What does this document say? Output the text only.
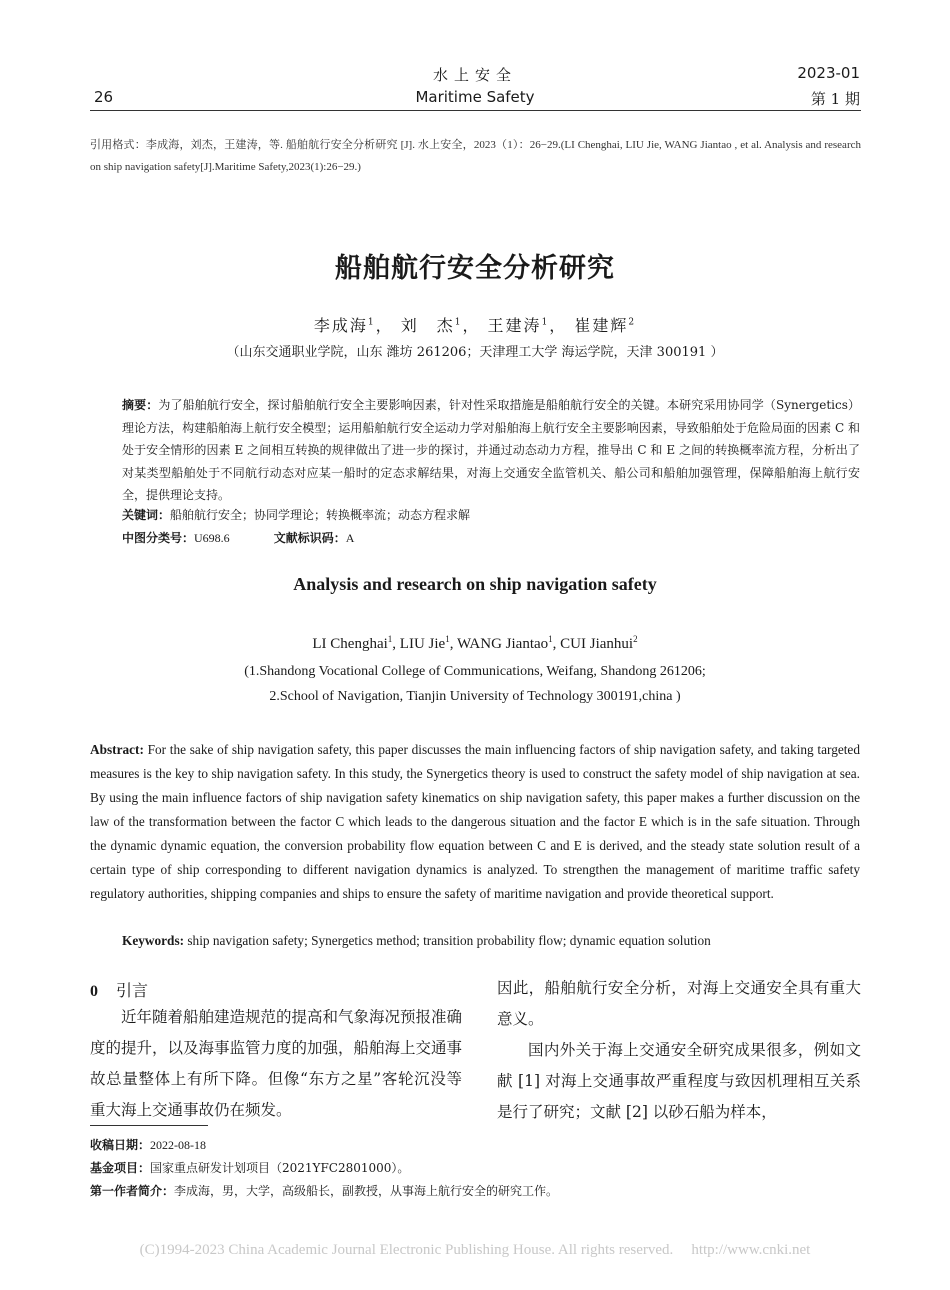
水上安全
Maritime Safety
26
2023-01
第 1 期
引用格式：李成海，刘杰，王建涛，等. 船舶航行安全分析研究 [J]. 水上安全，2023（1）：26−29.(LI Chenghai, LIU Jie, WANG Jiantao , et al. Analysis and research on ship navigation safety[J].Maritime Safety,2023(1):26−29.)
船舶航行安全分析研究
李成海$^1$， 刘　杰$^1$， 王建涛$^1$， 崔建辉$^2$
（山东交通职业学院，山东 潍坊 261206；天津理工大学 海运学院，天津 300191 ）
摘要：为了船舶航行安全，探讨船舶航行安全主要影响因素，针对性采取措施是船舶航行安全的关键。本研究采用协同学（Synergetics）理论方法，构建船舶海上航行安全模型；运用船舶航行安全运动力学对船舶海上航行安全主要影响因素，导致船舶处于危险局面的因素 C 和处于安全情形的因素 E 之间相互转换的规律做出了进一步的探讨，并通过动态动力方程，推导出 C 和 E 之间的转换概率流方程，分析出了对某类型船舶处于不同航行动态对应某一船时的定态求解结果，对海上交通安全监管机关、船公司和船舶加强管理，保障船舶海上航行安全，提供理论支持。
关键词：船舶航行安全；协同学理论；转换概率流；动态方程求解
中图分类号：U698.6	文献标识码：A
Analysis and research on ship navigation safety
LI Chenghai$^1$, LIU Jie$^1$, WANG Jiantao$^1$, CUI Jianhui$^2$
(1.Shandong Vocational College of Communications, Weifang, Shandong 261206;
2.School of Navigation, Tianjin University of Technology 300191,china )
Abstract: For the sake of ship navigation safety, this paper discusses the main influencing factors of ship navigation safety, and taking targeted measures is the key to ship navigation safety. In this study, the Synergetics theory is used to construct the safety model of ship navigation at sea. By using the main influence factors of ship navigation safety kinematics on ship navigation safety, this paper makes a further discussion on the law of the transformation between the factor C which leads to the dangerous situation and the factor E which is in the safe situation. Through the dynamic dynamic equation, the conversion probability flow equation between C and E is derived, and the steady state solution result of a certain type of ship corresponding to different navigation dynamics is analyzed. To strengthen the management of maritime traffic safety regulatory authorities, shipping companies and ships to ensure the safety of maritime navigation and provide theoretical support.
Keywords: ship navigation safety; Synergetics method; transition probability flow; dynamic equation solution
0 引言

近年随着船舶建造规范的提高和气象海况预报准确度的提升，以及海事监管力度的加强，船舶海上交通事故总量整体上有所下降。但像“东方之星”客轮沉没等重大海上交通事故仍在频发。

因此，船舶航行安全分析，对海上交通安全具有重大意义。

国内外关于海上交通安全研究成果很多，例如文献 [1] 对海上交通事故严重程度与致因机理相互关系是行了研究；文献 [2] 以砂石船为样本，

收稿日期：2022-08-18
基金项目：国家重点研发计划项目（2021YFC2801000）。
第一作者简介：李成海，男，大学，高级船长，副教授，从事海上航行安全的研究工作。
(C)1994-2023 China Academic Journal Electronic Publishing House. All rights reserved. http://www.cnki.net
